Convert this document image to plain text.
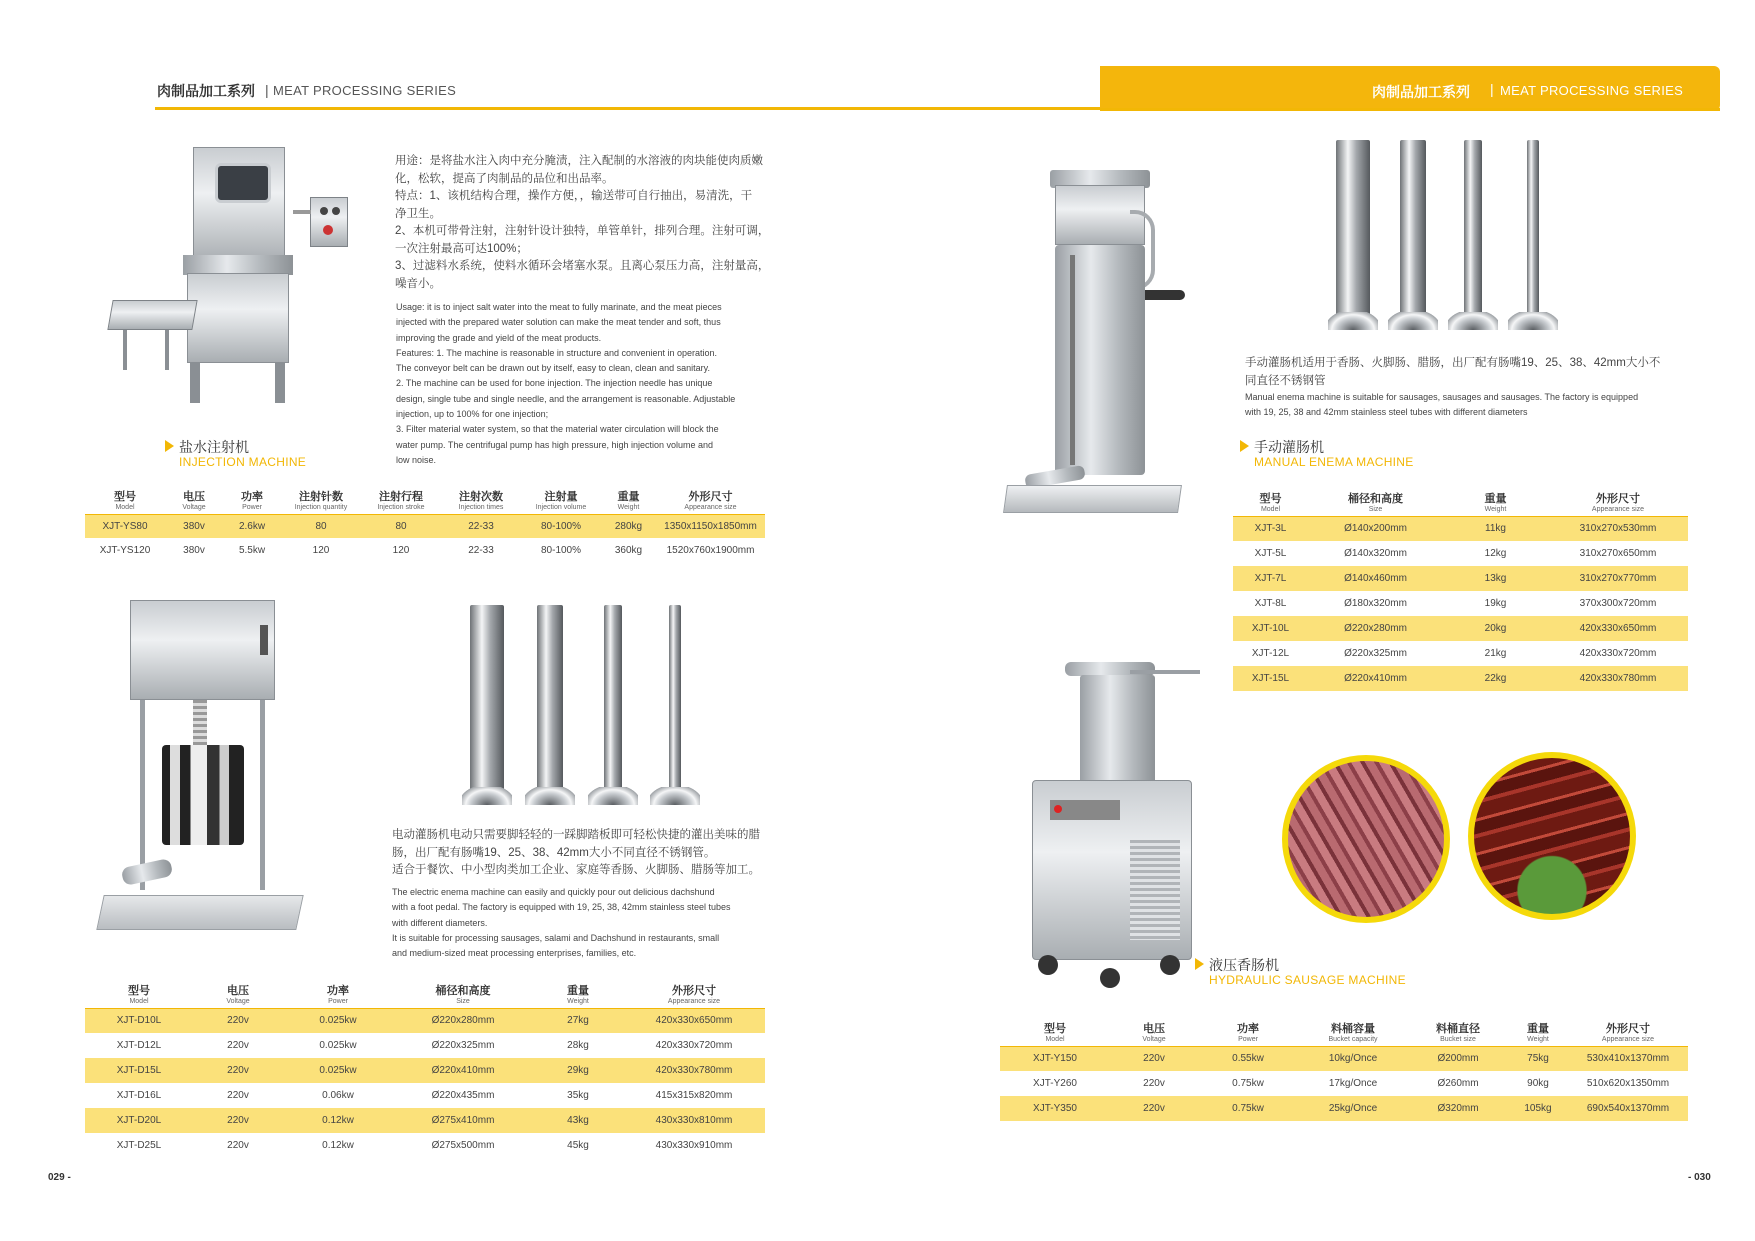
肉制品加工系列 | MEAT PROCESSING SERIES	肉制品加工系列 | MEAT PROCESSING SERIES
盐水注射机
INJECTION MACHINE

用途：是将盐水注入肉中充分腌渍，注入配制的水溶液的肉块能使肉质嫩

化，松软，提高了肉制品的品位和出品率。

特点：1、该机结构合理，操作方便，，输送带可自行抽出，易清洗，干

净卫生。

2、本机可带骨注射，注射针设计独特，单管单针，排列合理。注射可调，

一次注射最高可达100%；

3、过滤料水系统，使料水循环会堵塞水泵。且离心泵压力高，注射量高，

噪音小。

Usage: it is to inject salt water into the meat to fully marinate, and the meat pieces

injected with the prepared water solution can make the meat tender and soft, thus

improving the grade and yield of the meat products.

Features: 1. The machine is reasonable in structure and convenient in operation.

The conveyor belt can be drawn out by itself, easy to clean, clean and sanitary.

2. The machine can be used for bone injection. The injection needle has unique

design, single tube and single needle, and the arrangement is reasonable. Adjustable

injection, up to 100% for one injection;

3. Filter material water system, so that the material water circulation will block the

water pump. The centrifugal pump has high pressure, high injection volume and

low noise.

型号
Model	电压
Voltage	功率
Power	注射针数
Injection quantity	注射行程
Injection stroke	注射次数
Injection times	注射量
Injection volume	重量
Weight	外形尺寸
Appearance size

XJT-YS80	380v	2.6kw	80	80	22-33	80-100%	280kg	1350x1150x1850mm
XJT-YS120	380v	5.5kw	120	120	22-33	80-100%	360kg	1520x760x1900mm

电动灌肠机电动只需要脚轻轻的一踩脚踏板即可轻松快捷的灌出美味的腊

肠，出厂配有肠嘴19、25、38、42mm大小不同直径不锈钢管。

适合于餐饮、中小型肉类加工企业、家庭等香肠、火脚肠、腊肠等加工。

The electric enema machine can easily and quickly pour out delicious dachshund

with a foot pedal. The factory is equipped with 19, 25, 38, 42mm stainless steel tubes

with different diameters.

It is suitable for processing sausages, salami and Dachshund in restaurants, small

and medium-sized meat processing enterprises, families, etc.

型号
Model	电压
Voltage	功率
Power	桶径和高度
Size	重量
Weight	外形尺寸
Appearance size

XJT-D10L	220v	0.025kw	Ø220x280mm	27kg	420x330x650mm
XJT-D12L	220v	0.025kw	Ø220x325mm	28kg	420x330x720mm
XJT-D15L	220v	0.025kw	Ø220x410mm	29kg	420x330x780mm
XJT-D16L	220v	0.06kw	Ø220x435mm	35kg	415x315x820mm
XJT-D20L	220v	0.12kw	Ø275x410mm	43kg	430x330x810mm
XJT-D25L	220v	0.12kw	Ø275x500mm	45kg	430x330x910mm

手动灌肠机适用于香肠、火脚肠、腊肠，出厂配有肠嘴19、25、38、42mm大小不

同直径不锈钢管

Manual enema machine is suitable for sausages, sausages and sausages. The factory is equipped

with 19, 25, 38 and 42mm stainless steel tubes with different diameters

手动灌肠机
MANUAL ENEMA MACHINE
型号
Model	桶径和高度
Size	重量
Weight	外形尺寸
Appearance size

XJT-3L	Ø140x200mm	11kg	310x270x530mm
XJT-5L	Ø140x320mm	12kg	310x270x650mm
XJT-7L	Ø140x460mm	13kg	310x270x770mm
XJT-8L	Ø180x320mm	19kg	370x300x720mm
XJT-10L	Ø220x280mm	20kg	420x330x650mm
XJT-12L	Ø220x325mm	21kg	420x330x720mm
XJT-15L	Ø220x410mm	22kg	420x330x780mm
液压香肠机
HYDRAULIC SAUSAGE MACHINE
型号
Model	电压
Voltage	功率
Power	料桶容量
Bucket capacity	料桶直径
Bucket size	重量
Weight	外形尺寸
Appearance size

XJT-Y150	220v	0.55kw	10kg/Once	Ø200mm	75kg	530x410x1370mm
XJT-Y260	220v	0.75kw	17kg/Once	Ø260mm	90kg	510x620x1350mm
XJT-Y350	220v	0.75kw	25kg/Once	Ø320mm	105kg	690x540x1370mm
029 -	- 030
